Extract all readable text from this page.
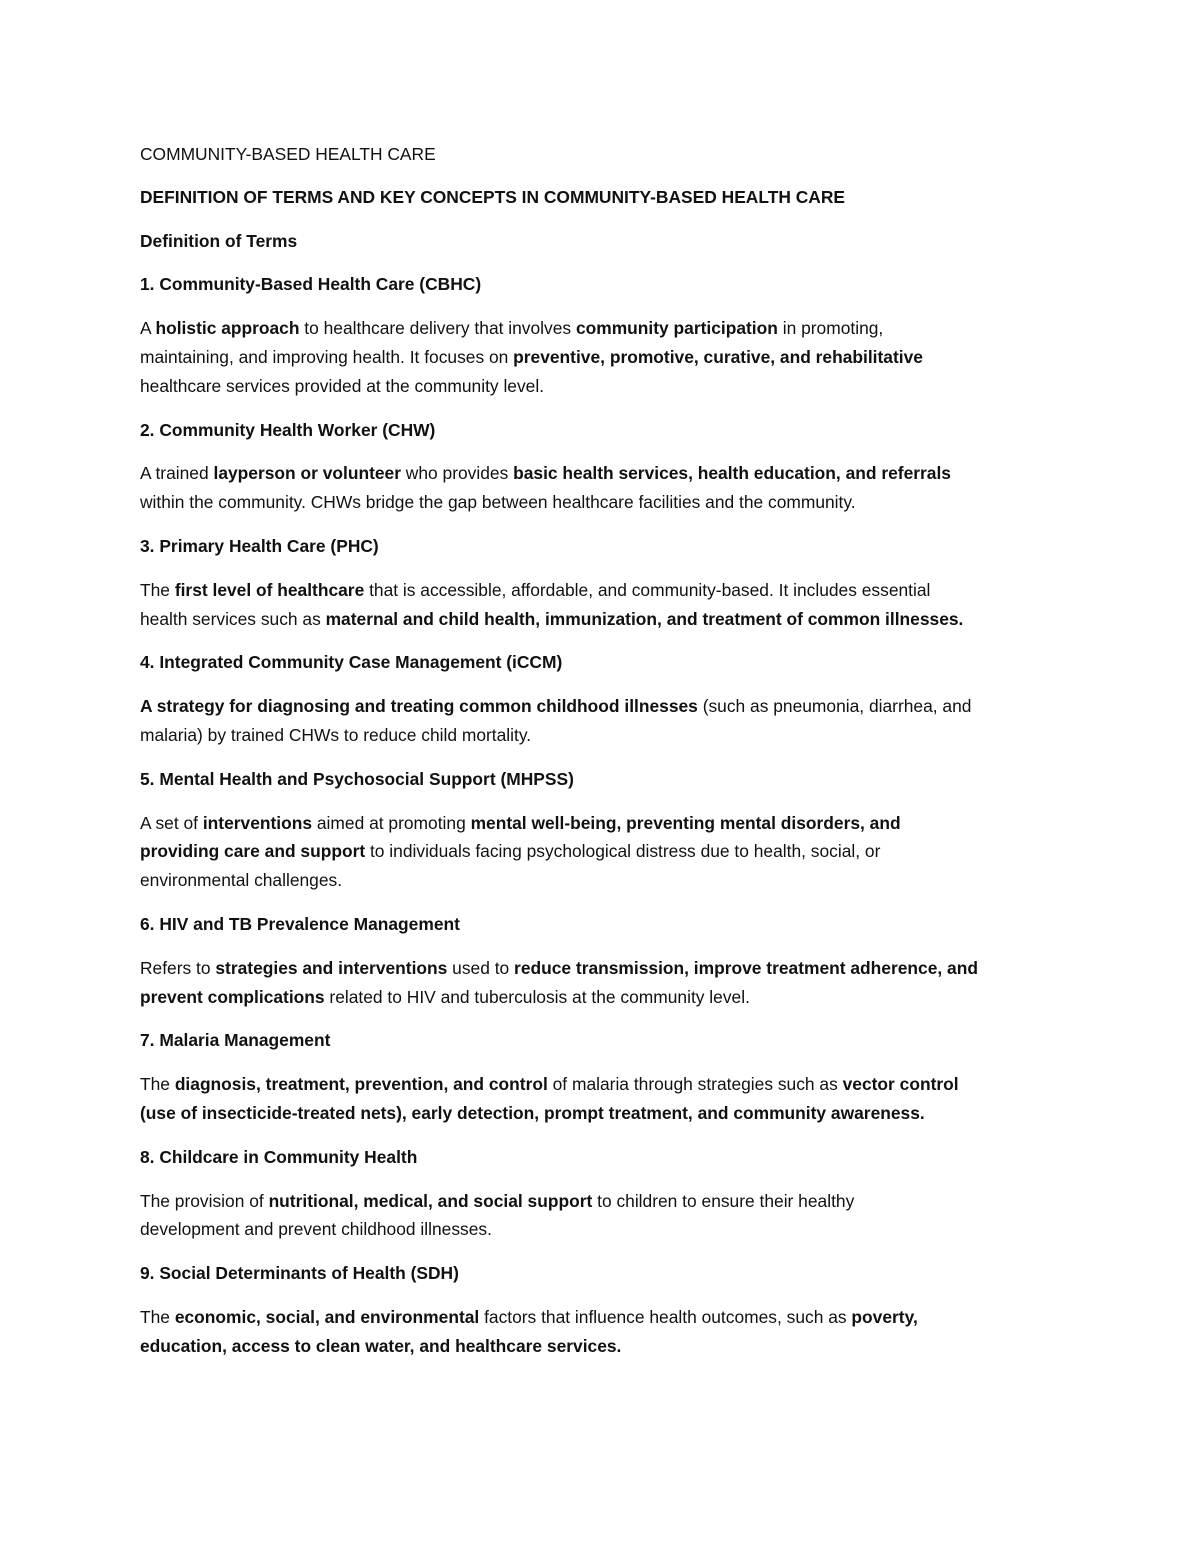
COMMUNITY-BASED HEALTH CARE

DEFINITION OF TERMS AND KEY CONCEPTS IN COMMUNITY-BASED HEALTH CARE

Definition of Terms

1. Community-Based Health Care (CBHC)

A holistic approach to healthcare delivery that involves community participation in promoting,

maintaining, and improving health. It focuses on preventive, promotive, curative, and rehabilitative

healthcare services provided at the community level.

2. Community Health Worker (CHW)

A trained layperson or volunteer who provides basic health services, health education, and referrals

within the community. CHWs bridge the gap between healthcare facilities and the community.

3. Primary Health Care (PHC)

The first level of healthcare that is accessible, affordable, and community-based. It includes essential

health services such as maternal and child health, immunization, and treatment of common illnesses.

4. Integrated Community Case Management (iCCM)

A strategy for diagnosing and treating common childhood illnesses (such as pneumonia, diarrhea, and

malaria) by trained CHWs to reduce child mortality.

5. Mental Health and Psychosocial Support (MHPSS)

A set of interventions aimed at promoting mental well-being, preventing mental disorders, and

providing care and support to individuals facing psychological distress due to health, social, or

environmental challenges.

6. HIV and TB Prevalence Management

Refers to strategies and interventions used to reduce transmission, improve treatment adherence, and

prevent complications related to HIV and tuberculosis at the community level.

7. Malaria Management

The diagnosis, treatment, prevention, and control of malaria through strategies such as vector control

(use of insecticide-treated nets), early detection, prompt treatment, and community awareness.

8. Childcare in Community Health

The provision of nutritional, medical, and social support to children to ensure their healthy

development and prevent childhood illnesses.

9. Social Determinants of Health (SDH)

The economic, social, and environmental factors that influence health outcomes, such as poverty,

education, access to clean water, and healthcare services.
